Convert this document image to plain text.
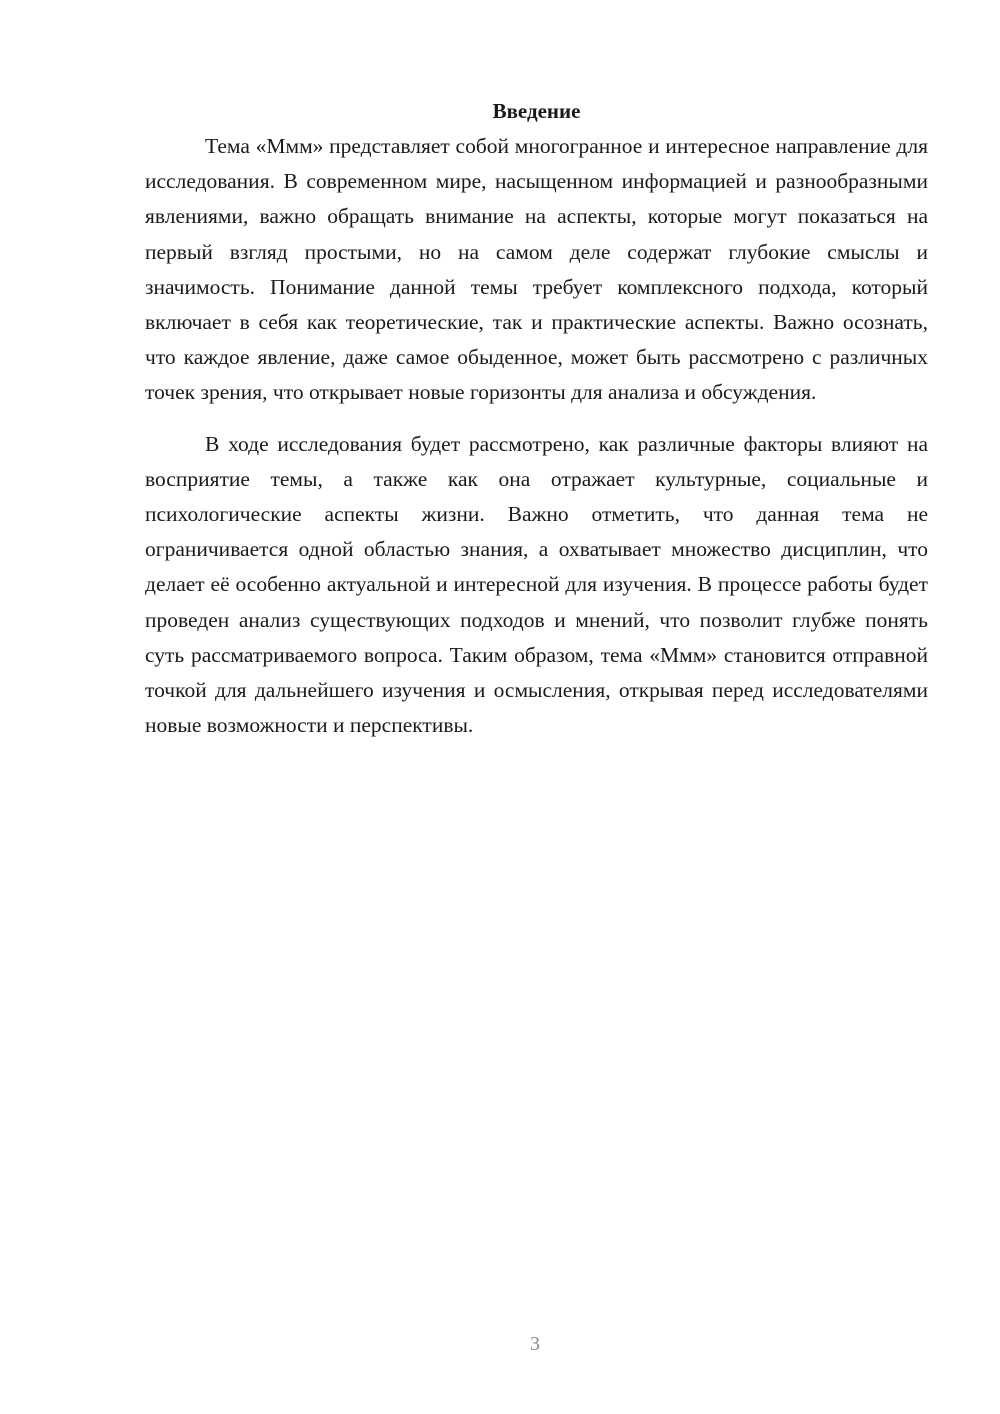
Введение

Тема «Ммм» представляет собой многогранное и интересное направление для исследования. В современном мире, насыщенном информацией и разнообразными явлениями, важно обращать внимание на аспекты, которые могут показаться на первый взгляд простыми, но на самом деле содержат глубокие смыслы и значимость. Понимание данной темы требует комплексного подхода, который включает в себя как теоретические, так и практические аспекты. Важно осознать, что каждое явление, даже самое обыденное, может быть рассмотрено с различных точек зрения, что открывает новые горизонты для анализа и обсуждения.

В ходе исследования будет рассмотрено, как различные факторы влияют на восприятие темы, а также как она отражает культурные, социальные и психологические аспекты жизни. Важно отметить, что данная тема не ограничивается одной областью знания, а охватывает множество дисциплин, что делает её особенно актуальной и интересной для изучения. В процессе работы будет проведен анализ существующих подходов и мнений, что позволит глубже понять суть рассматриваемого вопроса. Таким образом, тема «Ммм» становится отправной точкой для дальнейшего изучения и осмысления, открывая перед исследователями новые возможности и перспективы.

3
